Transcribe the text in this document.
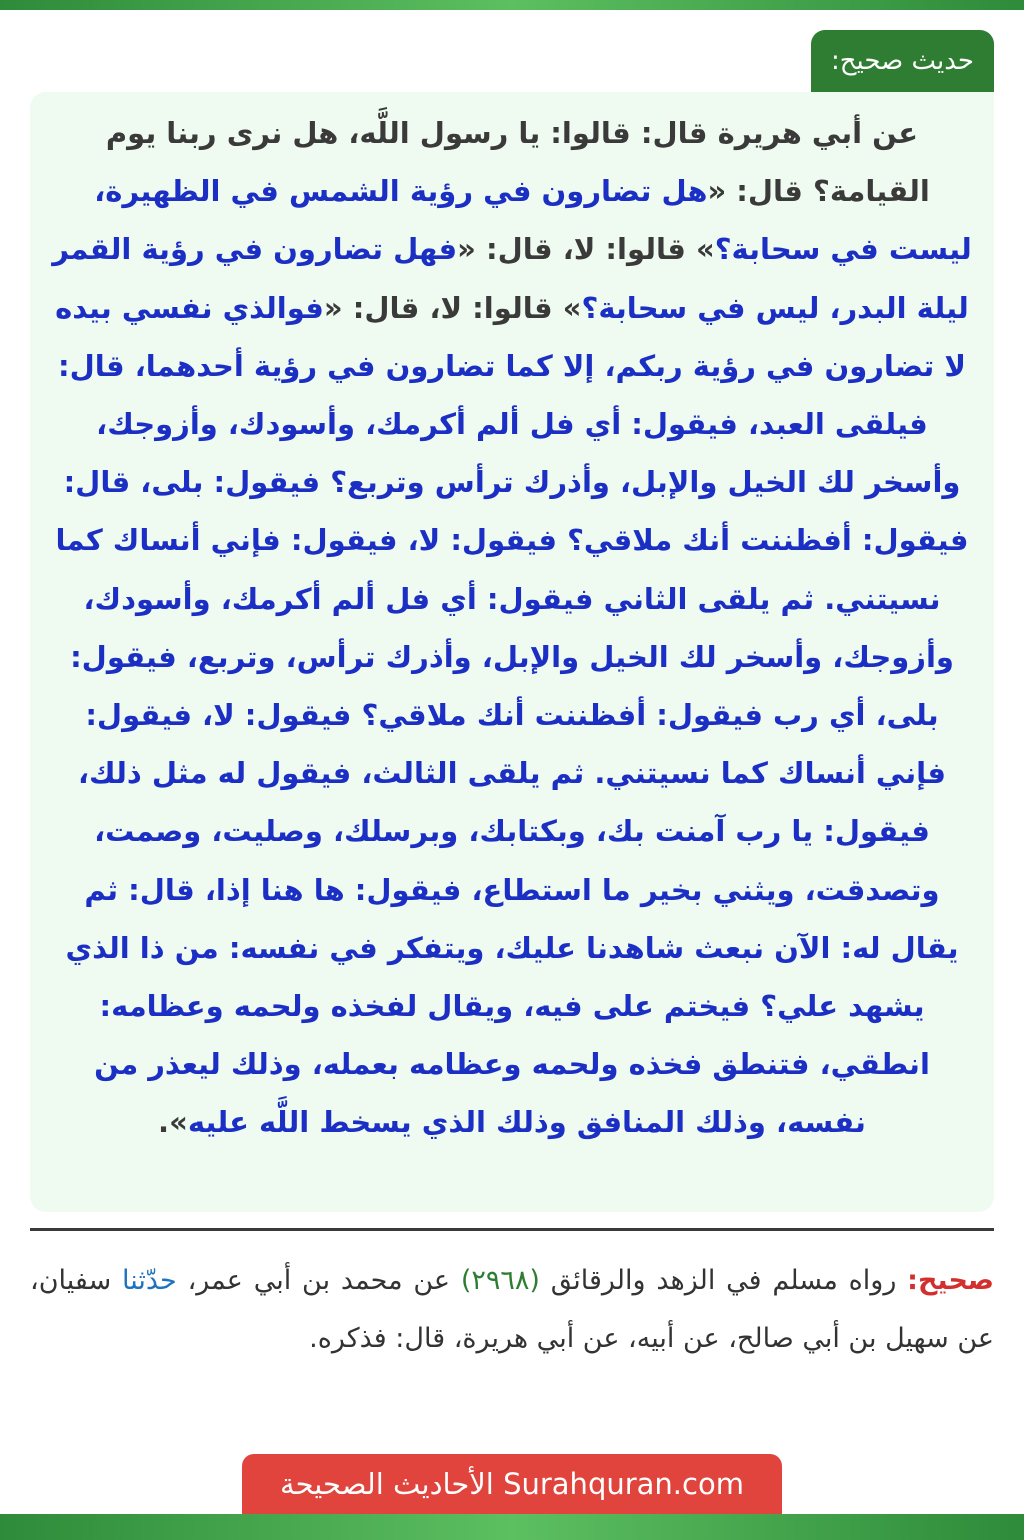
حديث صحيح:

عن أبي هريرة قال: قالوا: يا رسول اللَّه، هل نرى ربنا يوم القيامة؟ قال: «هل تضارون في رؤية الشمس في الظهيرة، ليست في سحابة؟» قالوا: لا، قال: «فهل تضارون في رؤية القمر ليلة البدر، ليس في سحابة؟» قالوا: لا، قال: «فوالذي نفسي بيده لا تضارون في رؤية ربكم، إلا كما تضارون في رؤية أحدهما، قال: فيلقى العبد، فيقول: أي فل ألم أكرمك، وأسودك، وأزوجك، وأسخر لك الخيل والإبل، وأذرك ترأس وتربع؟ فيقول: بلى، قال: فيقول: أفظننت أنك ملاقي؟ فيقول: لا، فيقول: فإني أنساك كما نسيتني. ثم يلقى الثاني فيقول: أي فل ألم أكرمك، وأسودك، وأزوجك، وأسخر لك الخيل والإبل، وأذرك ترأس، وتربع، فيقول: بلى، أي رب فيقول: أفظننت أنك ملاقي؟ فيقول: لا، فيقول: فإني أنساك كما نسيتني. ثم يلقى الثالث، فيقول له مثل ذلك، فيقول: يا رب آمنت بك، وبكتابك، وبرسلك، وصليت، وصمت، وتصدقت، ويثني بخير ما استطاع، فيقول: ها هنا إذا، قال: ثم يقال له: الآن نبعث شاهدنا عليك، ويتفكر في نفسه: من ذا الذي يشهد علي؟ فيختم على فيه، ويقال لفخذه ولحمه وعظامه: انطقي، فتنطق فخذه ولحمه وعظامه بعمله، وذلك ليعذر من نفسه، وذلك المنافق وذلك الذي يسخط اللَّه عليه».

صحيح: رواه مسلم في الزهد والرقائق (٢٩٦٨) عن محمد بن أبي عمر، حدّثنا سفيان، عن سهيل بن أبي صالح، عن أبيه، عن أبي هريرة، قال: فذكره.

الأحاديث الصحيحة Surahquran.com
